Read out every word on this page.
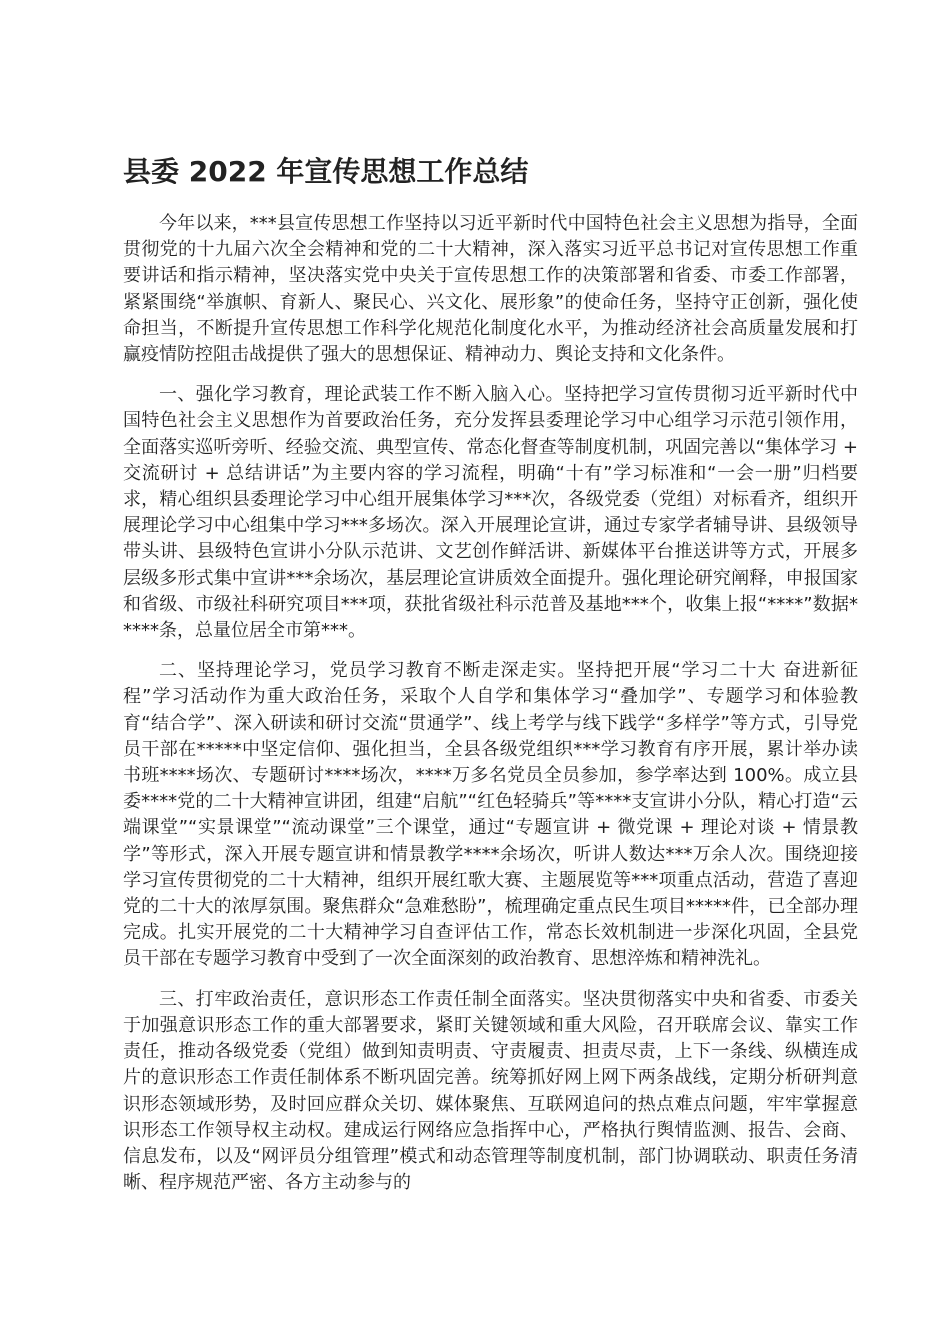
县委 2022 年宣传思想工作总结

今年以来，***县宣传思想工作坚持以习近平新时代中国特色社会主义思想为指导，全面贯彻党的十九届六次全会精神和党的二十大精神，深入落实习近平总书记对宣传思想工作重要讲话和指示精神，坚决落实党中央关于宣传思想工作的决策部署和省委、市委工作部署，紧紧围绕“举旗帜、育新人、聚民心、兴文化、展形象”的使命任务，坚持守正创新，强化使命担当，不断提升宣传思想工作科学化规范化制度化水平，为推动经济社会高质量发展和打赢疫情防控阻击战提供了强大的思想保证、精神动力、舆论支持和文化条件。

一、强化学习教育，理论武装工作不断入脑入心。坚持把学习宣传贯彻习近平新时代中国特色社会主义思想作为首要政治任务，充分发挥县委理论学习中心组学习示范引领作用，全面落实巡听旁听、经验交流、典型宣传、常态化督查等制度机制，巩固完善以“集体学习 + 交流研讨 + 总结讲话”为主要内容的学习流程，明确“十有”学习标准和“一会一册”归档要求，精心组织县委理论学习中心组开展集体学习***次，各级党委（党组）对标看齐，组织开展理论学习中心组集中学习***多场次。深入开展理论宣讲，通过专家学者辅导讲、县级领导带头讲、县级特色宣讲小分队示范讲、文艺创作鲜活讲、新媒体平台推送讲等方式，开展多层级多形式集中宣讲***余场次，基层理论宣讲质效全面提升。强化理论研究阐释，申报国家和省级、市级社科研究项目***项，获批省级社科示范普及基地***个，收集上报“****”数据*****条，总量位居全市第***。

二、坚持理论学习，党员学习教育不断走深走实。坚持把开展“学习二十大 奋进新征程”学习活动作为重大政治任务，采取个人自学和集体学习“叠加学”、专题学习和体验教育“结合学”、深入研读和研讨交流“贯通学”、线上考学与线下践学“多样学”等方式，引导党员干部在*****中坚定信仰、强化担当，全县各级党组织***学习教育有序开展，累计举办读书班****场次、专题研讨****场次，****万多名党员全员参加，参学率达到 100%。成立县委****党的二十大精神宣讲团，组建“启航”“红色轻骑兵”等****支宣讲小分队，精心打造“云端课堂”“实景课堂”“流动课堂”三个课堂，通过“专题宣讲 + 微党课 + 理论对谈 + 情景教学”等形式，深入开展专题宣讲和情景教学****余场次，听讲人数达***万余人次。围绕迎接学习宣传贯彻党的二十大精神，组织开展红歌大赛、主题展览等***项重点活动，营造了喜迎党的二十大的浓厚氛围。聚焦群众“急难愁盼”，梳理确定重点民生项目*****件，已全部办理完成。扎实开展党的二十大精神学习自查评估工作，常态长效机制进一步深化巩固，全县党员干部在专题学习教育中受到了一次全面深刻的政治教育、思想淬炼和精神洗礼。

三、打牢政治责任，意识形态工作责任制全面落实。坚决贯彻落实中央和省委、市委关于加强意识形态工作的重大部署要求，紧盯关键领域和重大风险，召开联席会议、靠实工作责任，推动各级党委（党组）做到知责明责、守责履责、担责尽责，上下一条线、纵横连成片的意识形态工作责任制体系不断巩固完善。统筹抓好网上网下两条战线，定期分析研判意识形态领域形势，及时回应群众关切、媒体聚焦、互联网追问的热点难点问题，牢牢掌握意识形态工作领导权主动权。建成运行网络应急指挥中心，严格执行舆情监测、报告、会商、信息发布，以及“网评员分组管理”模式和动态管理等制度机制，部门协调联动、职责任务清晰、程序规范严密、各方主动参与的
